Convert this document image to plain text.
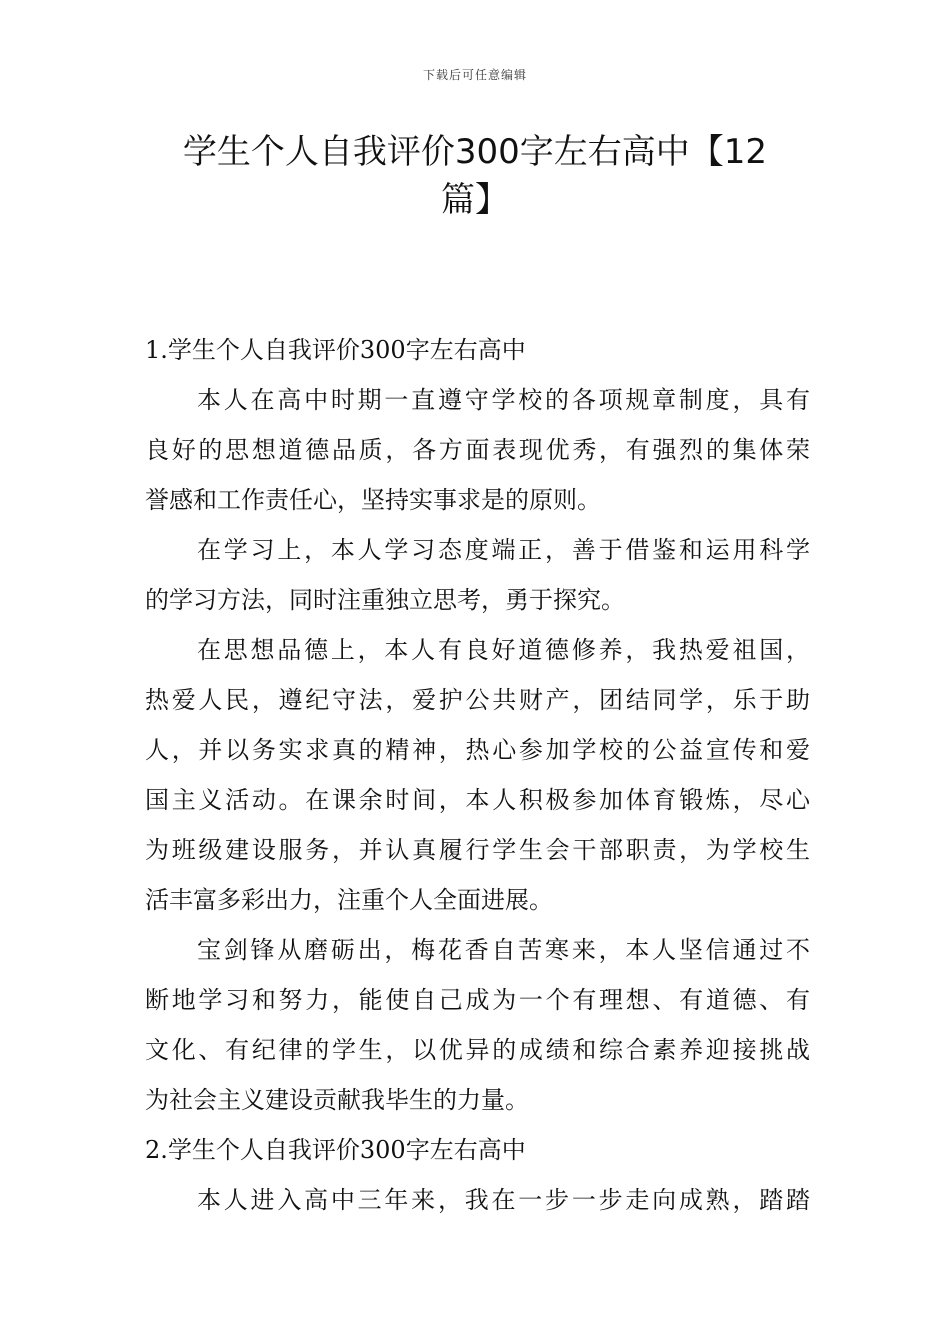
下载后可任意编辑
学生个人自我评价300字左右高中【12
篇】
1.学生个人自我评价300字左右高中
本人在高中时期一直遵守学校的各项规章制度，具有
良好的思想道德品质，各方面表现优秀，有强烈的集体荣
誉感和工作责任心，坚持实事求是的原则。
在学习上，本人学习态度端正，善于借鉴和运用科学
的学习方法，同时注重独立思考，勇于探究。
在思想品德上，本人有良好道德修养，我热爱祖国，
热爱人民，遵纪守法，爱护公共财产，团结同学，乐于助
人，并以务实求真的精神，热心参加学校的公益宣传和爱
国主义活动。在课余时间，本人积极参加体育锻炼，尽心
为班级建设服务，并认真履行学生会干部职责，为学校生
活丰富多彩出力，注重个人全面进展。
宝剑锋从磨砺出，梅花香自苦寒来，本人坚信通过不
断地学习和努力，能使自己成为一个有理想、有道德、有
文化、有纪律的学生，以优异的成绩和综合素养迎接挑战
为社会主义建设贡献我毕生的力量。
2.学生个人自我评价300字左右高中
本人进入高中三年来，我在一步一步走向成熟，踏踏
